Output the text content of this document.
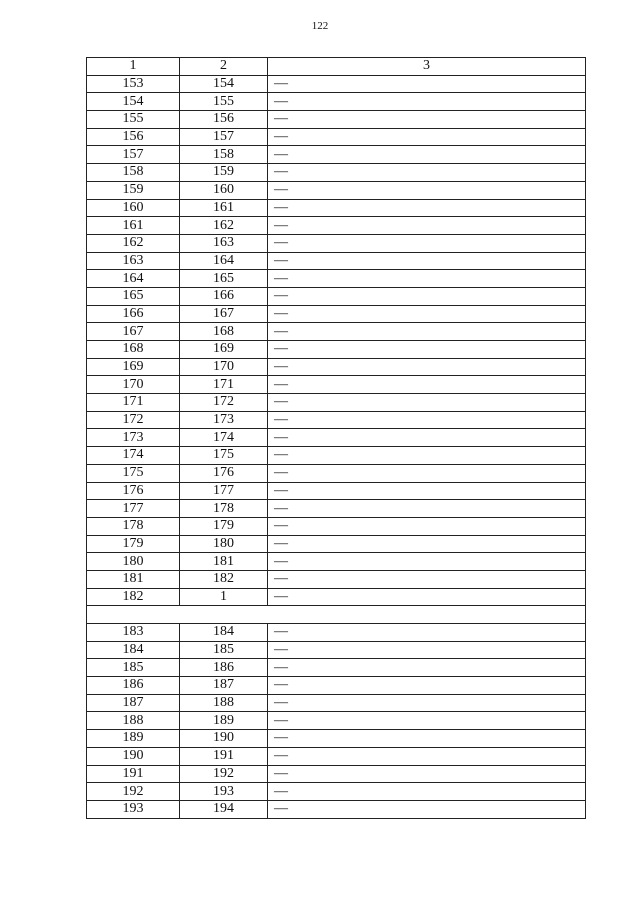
122
1	2	3
153	154	—
154	155	—
155	156	—
156	157	—
157	158	—
158	159	—
159	160	—
160	161	—
161	162	—
162	163	—
163	164	—
164	165	—
165	166	—
166	167	—
167	168	—
168	169	—
169	170	—
170	171	—
171	172	—
172	173	—
173	174	—
174	175	—
175	176	—
176	177	—
177	178	—
178	179	—
179	180	—
180	181	—
181	182	—
182	1	—

183	184	—
184	185	—
185	186	—
186	187	—
187	188	—
188	189	—
189	190	—
190	191	—
191	192	—
192	193	—
193	194	—
